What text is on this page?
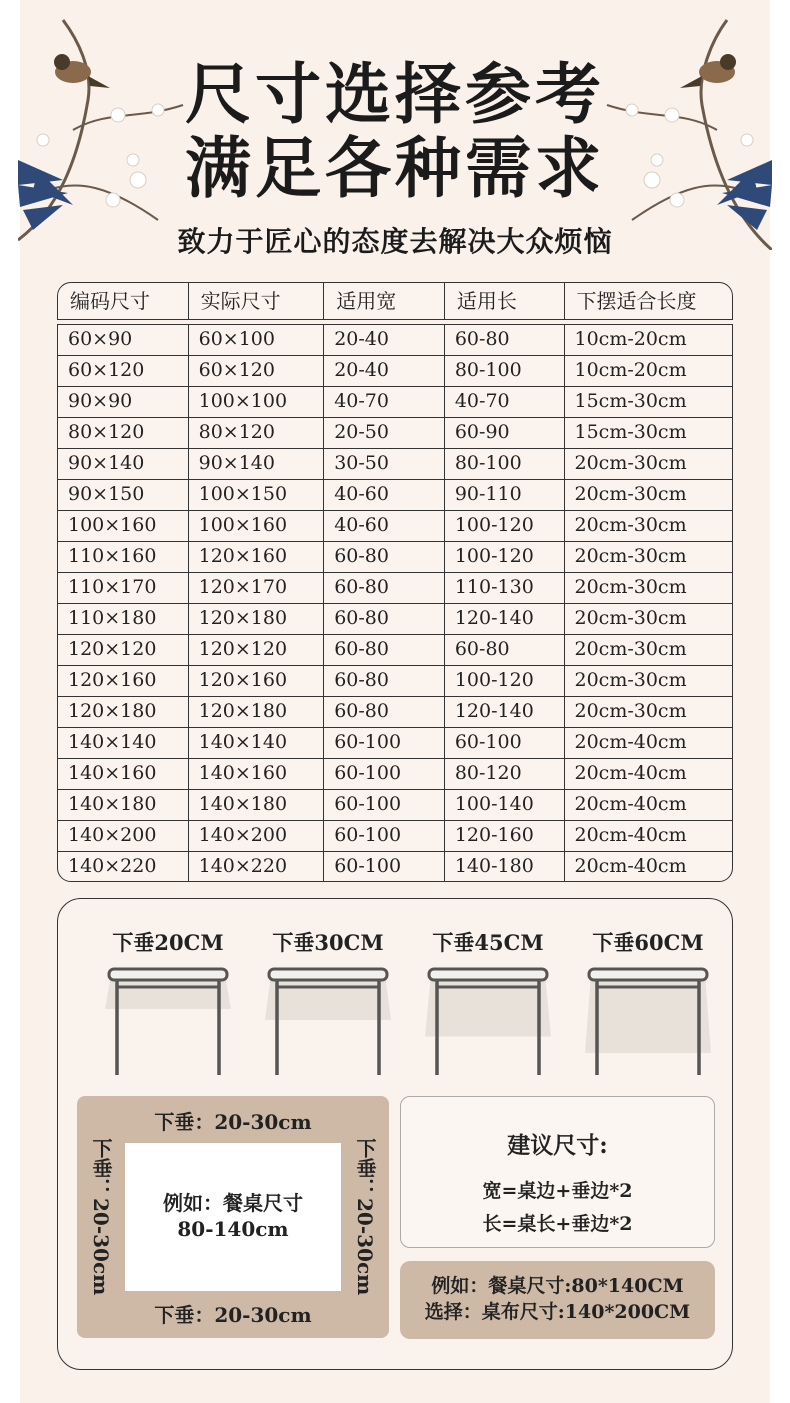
尺寸选择参考
满足各种需求
致力于匠心的态度去解决大众烦恼
编码尺寸	实际尺寸	适用宽	适用长	下摆适合长度
60×90	60×100	20-40	60-80	10cm-20cm
60×120	60×120	20-40	80-100	10cm-20cm
90×90	100×100	40-70	40-70	15cm-30cm
80×120	80×120	20-50	60-90	15cm-30cm
90×140	90×140	30-50	80-100	20cm-30cm
90×150	100×150	40-60	90-110	20cm-30cm
100×160	100×160	40-60	100-120	20cm-30cm
110×160	120×160	60-80	100-120	20cm-30cm
110×170	120×170	60-80	110-130	20cm-30cm
110×180	120×180	60-80	120-140	20cm-30cm
120×120	120×120	60-80	60-80	20cm-30cm
120×160	120×160	60-80	100-120	20cm-30cm
120×180	120×180	60-80	120-140	20cm-30cm
140×140	140×140	60-100	60-100	20cm-40cm
140×160	140×160	60-100	80-120	20cm-40cm
140×180	140×180	60-100	100-140	20cm-40cm
140×200	140×200	60-100	120-160	20cm-40cm
140×220	140×220	60-100	140-180	20cm-40cm
下垂20CM	下垂30CM	下垂45CM	下垂60CM
下垂：20-30cm
下垂：20-30cm	下垂：20-30cm
例如：餐桌尺寸
80-140cm
下垂：20-30cm
建议尺寸:
宽=桌边+垂边*2
长=桌长+垂边*2
例如：餐桌尺寸:80*140CM
选择：桌布尺寸:140*200CM
